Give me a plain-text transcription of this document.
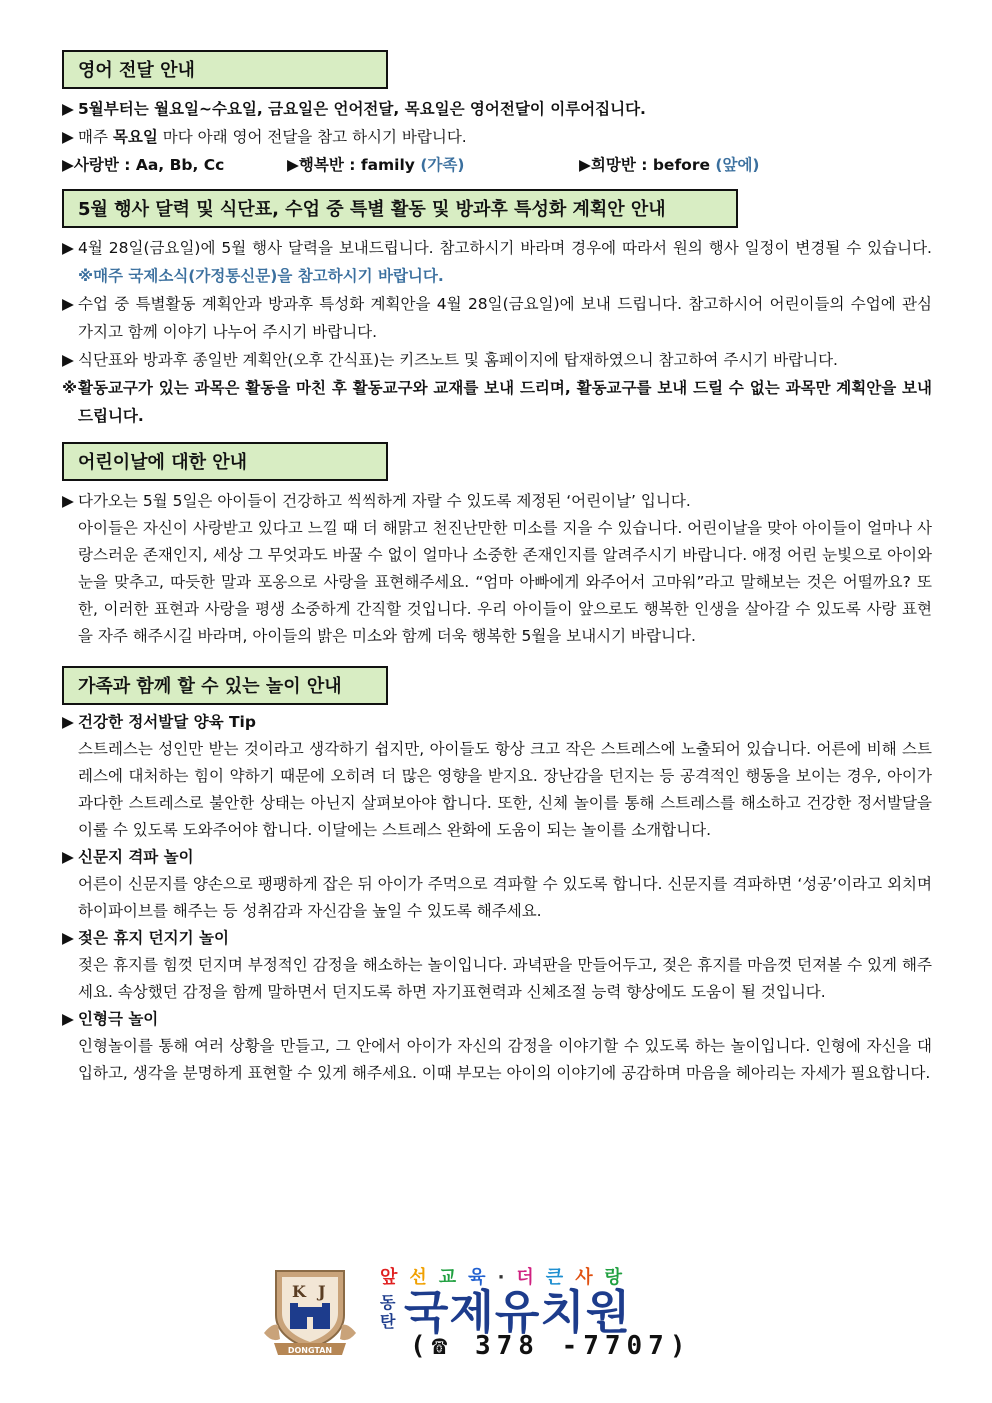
영어 전달 안내
▶ 5월부터는 월요일~수요일, 금요일은 언어전달, 목요일은 영어전달이 이루어집니다.
▶ 매주 목요일 마다 아래 영어 전달을 참고 하시기 바랍니다.
▶사랑반 : Aa, Bb, Cc	▶행복반 : family (가족)	▶희망반 : before (앞에)
5월 행사 달력 및 식단표, 수업 중 특별 활동 및 방과후 특성화 계획안 안내
▶ 4월 28일(금요일)에 5월 행사 달력을 보내드립니다. 참고하시기 바라며 경우에 따라서 원의 행사 일정이 변경될 수 있습니다. ※매주 국제소식(가정통신문)을 참고하시기 바랍니다.
▶ 수업 중 특별활동 계획안과 방과후 특성화 계획안을 4월 28일(금요일)에 보내 드립니다. 참고하시어 어린이들의 수업에 관심 가지고 함께 이야기 나누어 주시기 바랍니다.
▶ 식단표와 방과후 종일반 계획안(오후 간식표)는 키즈노트 및 홈페이지에 탑재하였으니 참고하여 주시기 바랍니다.
※ 활동교구가 있는 과목은 활동을 마친 후 활동교구와 교재를 보내 드리며, 활동교구를 보내 드릴 수 없는 과목만 계획안을 보내 드립니다.
어린이날에 대한 안내
▶ 다가오는 5월 5일은 아이들이 건강하고 씩씩하게 자랄 수 있도록 제정된 ‘어린이날’ 입니다.
아이들은 자신이 사랑받고 있다고 느낄 때 더 해맑고 천진난만한 미소를 지을 수 있습니다. 어린이날을 맞아 아이들이 얼마나 사랑스러운 존재인지, 세상 그 무엇과도 바꿀 수 없이 얼마나 소중한 존재인지를 알려주시기 바랍니다. 애정 어린 눈빛으로 아이와 눈을 맞추고, 따듯한 말과 포옹으로 사랑을 표현해주세요. “엄마 아빠에게 와주어서 고마워”라고 말해보는 것은 어떨까요? 또한, 이러한 표현과 사랑을 평생 소중하게 간직할 것입니다. 우리 아이들이 앞으로도 행복한 인생을 살아갈 수 있도록 사랑 표현을 자주 해주시길 바라며, 아이들의 밝은 미소와 함께 더욱 행복한 5월을 보내시기 바랍니다.
가족과 함께 할 수 있는 놀이 안내
▶ 건강한 정서발달 양육 Tip
스트레스는 성인만 받는 것이라고 생각하기 쉽지만, 아이들도 항상 크고 작은 스트레스에 노출되어 있습니다. 어른에 비해 스트레스에 대처하는 힘이 약하기 때문에 오히려 더 많은 영향을 받지요. 장난감을 던지는 등 공격적인 행동을 보이는 경우, 아이가 과다한 스트레스로 불안한 상태는 아닌지 살펴보아야 합니다. 또한, 신체 놀이를 통해 스트레스를 해소하고 건강한 정서발달을 이룰 수 있도록 도와주어야 합니다. 이달에는 스트레스 완화에 도움이 되는 놀이를 소개합니다.
▶ 신문지 격파 놀이
어른이 신문지를 양손으로 팽팽하게 잡은 뒤 아이가 주먹으로 격파할 수 있도록 합니다. 신문지를 격파하면 ‘성공’이라고 외치며 하이파이브를 해주는 등 성취감과 자신감을 높일 수 있도록 해주세요.
▶ 젖은 휴지 던지기 놀이
젖은 휴지를 힘껏 던지며 부정적인 감정을 해소하는 놀이입니다. 과녁판을 만들어두고, 젖은 휴지를 마음껏 던져볼 수 있게 해주세요. 속상했던 감정을 함께 말하면서 던지도록 하면 자기표현력과 신체조절 능력 향상에도 도움이 될 것입니다.
▶ 인형극 놀이
인형놀이를 통해 여러 상황을 만들고, 그 안에서 아이가 자신의 감정을 이야기할 수 있도록 하는 놀이입니다. 인형에 자신을 대입하고, 생각을 분명하게 표현할 수 있게 해주세요. 이때 부모는 아이의 이야기에 공감하며 마음을 헤아리는 자세가 필요합니다.
K J
DONGTAN
앞선교육·더큰사랑
동
탄 국제유치원
(☎ 378 -7707)
